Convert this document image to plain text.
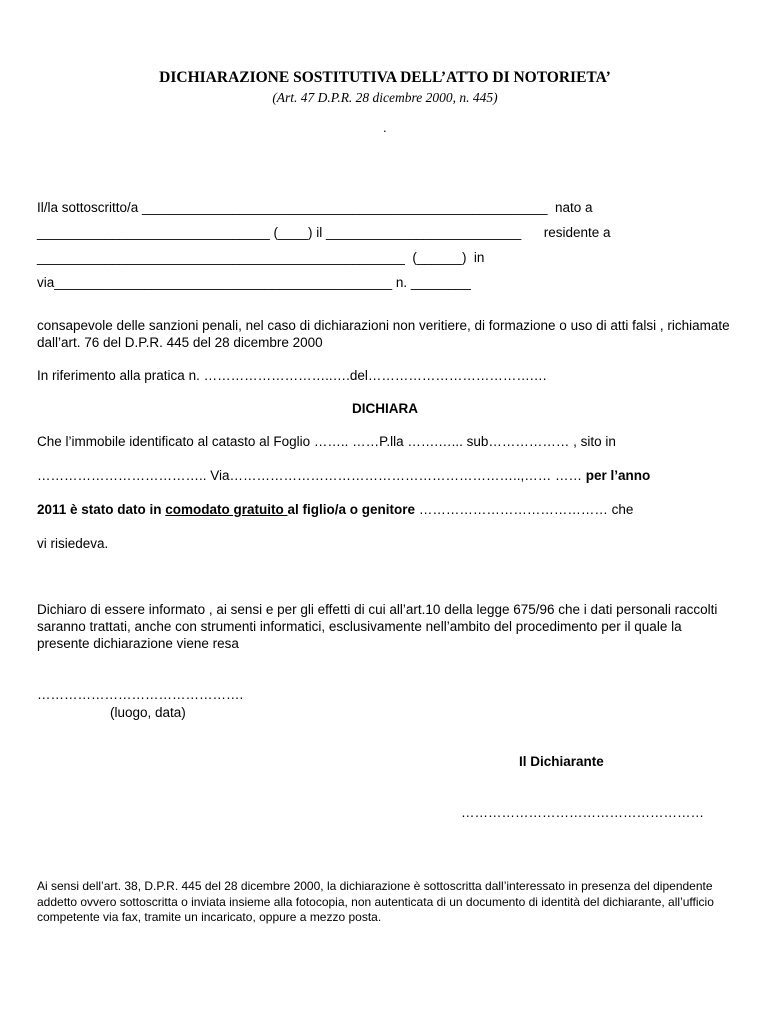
DICHIARAZIONE SOSTITUTIVA DELL’ATTO DI NOTORIETA’
(Art. 47 D.P.R. 28 dicembre 2000, n. 445)
.
Il/la sottoscritto/a ______________________________________________________  nato a
_______________________________ (____) il __________________________      residente a
_________________________________________________  (______)  in
via_____________________________________________ n. ________
consapevole delle sanzioni penali, nel caso di dichiarazioni non veritiere, di formazione o uso di atti falsi , richiamate dall’art. 76 del D.P.R. 445 del 28 dicembre 2000
In riferimento alla pratica n. ………………………..….del……………………………….…
DICHIARA
Che l’immobile identificato al catasto al Foglio …….. ……P.lla …….…... sub……………… , sito in
……………………………….. Via………………………………………………………..,…… …… per l’anno
2011 è stato dato in comodato gratuito al figlio/a o genitore …………………………………… che
vi risiedeva.
Dichiaro di essere informato , ai sensi e per gli effetti di cui all’art.10 della legge 675/96 che i dati personali raccolti saranno trattati, anche con strumenti informatici, esclusivamente nell’ambito del procedimento per il quale la presente dichiarazione viene resa
……………………………………….
(luogo, data)
Il Dichiarante
………………………………………………
Ai sensi dell’art. 38, D.P.R. 445 del 28 dicembre 2000, la dichiarazione è sottoscritta dall’interessato in presenza del dipendente addetto ovvero sottoscritta o inviata insieme alla fotocopia, non autenticata di un documento di identità del dichiarante, all’ufficio competente via fax, tramite un incaricato, oppure a mezzo posta.
